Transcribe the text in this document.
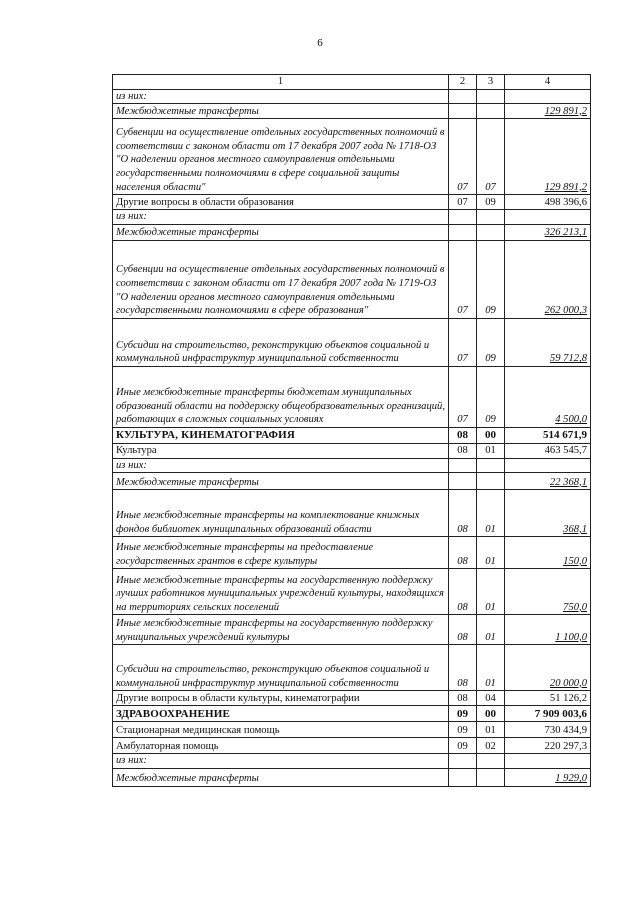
6
1	2	3	4
из них:			
Межбюджетные трансферты			129 891,2
Субвенции на осуществление отдельных государственных полномочий в соответствии с законом области от 17 декабря 2007 года № 1718-ОЗ "О наделении органов местного самоуправления отдельными государственными полномочиями в сфере социальной защиты населения области"	07	07	129 891,2
Другие вопросы в области образования	07	09	498 396,6
из них:			
Межбюджетные трансферты			326 213,1
Субвенции на осуществление отдельных государственных полномочий в соответствии с законом области от 17 декабря 2007 года № 1719-ОЗ "О наделении органов местного самоуправления отдельными государственными полномочиями в сфере образования"	07	09	262 000,3
Субсидии на строительство, реконструкцию объектов социальной и коммунальной инфраструктур муниципальной собственности	07	09	59 712,8
Иные межбюджетные трансферты бюджетам муниципальных образований области на поддержку общеобразовательных организаций, работающих в сложных социальных условиях	07	09	4 500,0
КУЛЬТУРА, КИНЕМАТОГРАФИЯ	08	00	514 671,9
Культура	08	01	463 545,7
из них:			
Межбюджетные трансферты			22 368,1
Иные межбюджетные трансферты на комплектование книжных фондов библиотек муниципальных образований области	08	01	368,1
Иные межбюджетные трансферты на предоставление государственных грантов в сфере культуры	08	01	150,0
Иные межбюджетные трансферты на государственную поддержку лучших работников муниципальных учреждений культуры, находящихся на территориях сельских поселений	08	01	750,0
Иные межбюджетные трансферты на государственную поддержку муниципальных учреждений культуры	08	01	1 100,0
Субсидии на строительство, реконструкцию объектов социальной и коммунальной инфраструктур муниципальной собственности	08	01	20 000,0
Другие вопросы в области культуры, кинематографии	08	04	51 126,2
ЗДРАВООХРАНЕНИЕ	09	00	7 909 003,6
Стационарная медицинская помощь	09	01	730 434,9
Амбулаторная помощь	09	02	220 297,3
из них:			
Межбюджетные трансферты			1 929,0
